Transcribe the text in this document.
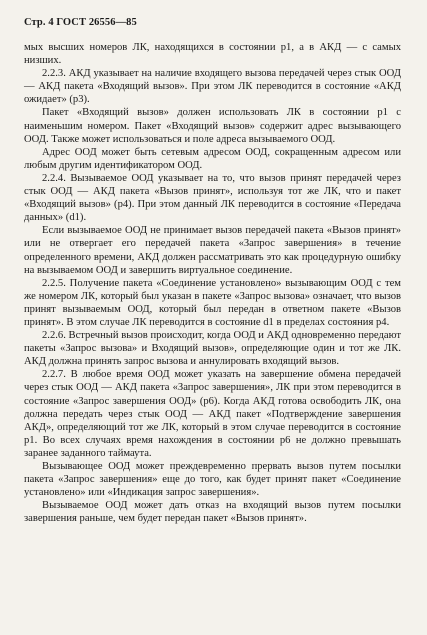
Стр. 4 ГОСТ 26556—85

мых высших номеров ЛК, находящихся в состоянии p1, а в АКД — с самых низших.

2.2.3. АКД указывает на наличие входящего вызова передачей через стык ООД — АКД пакета «Входящий вызов». При этом ЛК переводится в состояние «АКД ожидает» (p3).

Пакет «Входящий вызов» должен использовать ЛК в состоянии p1 с наименьшим номером. Пакет «Входящий вызов» содержит адрес вызывающего ООД. Также может использоваться и поле адреса вызываемого ООД.

Адрес ООД может быть сетевым адресом ООД, сокращенным адресом или любым другим идентификатором ООД.

2.2.4. Вызываемое ООД указывает на то, что вызов принят передачей через стык ООД — АКД пакета «Вызов принят», используя тот же ЛК, что и пакет «Входящий вызов» (p4). При этом данный ЛК переводится в состояние «Передача данных» (d1).

Если вызываемое ООД не принимает вызов передачей пакета «Вызов принят» или не отвергает его передачей пакета «Запрос завершения» в течение определенного времени, АКД должен рассматривать это как процедурную ошибку на вызываемом ООД и завершить виртуальное соединение.

2.2.5. Получение пакета «Соединение установлено» вызывающим ООД с тем же номером ЛК, который был указан в пакете «Запрос вызова» означает, что вызов принят вызываемым ООД, который был передан в ответном пакете «Вызов принят». В этом случае ЛК переводится в состояние d1 в пределах состояния p4.

2.2.6. Встречный вызов происходит, когда ООД и АКД одновременно передают пакеты «Запрос вызова» и Входящий вызов», определяющие один и тот же ЛК. АКД должна принять запрос вызова и аннулировать входящий вызов.

2.2.7. В любое время ООД может указать на завершение обмена передачей через стык ООД — АКД пакета «Запрос завершения», ЛК при этом переводится в состояние «Запрос завершения ООД» (p6). Когда АКД готова освободить ЛК, она должна передать через стык ООД — АКД пакет «Подтверждение завершения АКД», определяющий тот же ЛК, который в этом случае переводится в состояние p1. Во всех случаях время нахождения в состоянии p6 не должно превышать заранее заданного таймаута.

Вызывающее ООД может преждевременно прервать вызов путем посылки пакета «Запрос завершения» еще до того, как будет принят пакет «Соединение установлено» или «Индикация запрос завершения».

Вызываемое ООД может дать отказ на входящий вызов путем посылки завершения раньше, чем будет передан пакет «Вызов принят».
